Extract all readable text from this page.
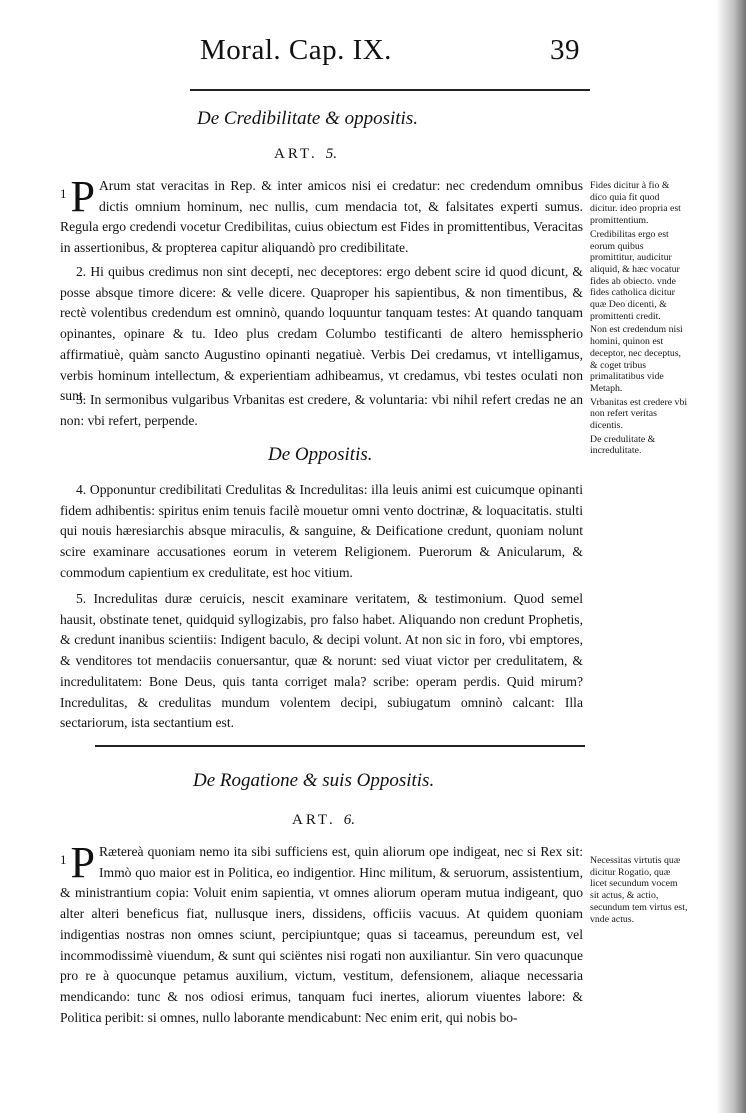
Moral. Cap. IX.	39
De Credibilitate & oppositis.
ART. 5.
1 P Arum stat veracitas in Rep. & inter amicos nisi ei credatur: nec credendum omnibus dictis omnium hominum, nec nullis, cum mendacia tot, & falsitates experti sumus. Regula ergo credendi vocetur Credibilitas, cuius obiectum est Fides in promittentibus, Veracitas in assertionibus, & propterea capitur aliquandò pro credibilitate.
2. Hi quibus credimus non sint decepti, nec deceptores: ergo debent scire id quod dicunt, & posse absque timore dicere: & velle dicere. Quaproper his sapientibus, & non timentibus, & rectè volentibus credendum est omninò, quando loquuntur tanquam testes: At quando tanquam opinantes, opinare & tu. Ideo plus credam Columbo testificanti de altero hemisspherio affirmatiuè, quàm sancto Augustino opinanti negatiuè. Verbis Dei credamus, vt intelligamus, verbis hominum intellectum, & experientiam adhibeamus, vt credamus, vbi testes oculati non sunt.
3. In sermonibus vulgaribus Vrbanitas est credere, & voluntaria: vbi nihil refert credas ne an non: vbi refert, perpende.
De Oppositis.
4. Opponuntur credibilitati Credulitas & Incredulitas: illa leuis animi est cuicumque opinanti fidem adhibentis: spiritus enim tenuis facilè mouetur omni vento doctrinæ, & loquacitatis. stulti qui nouis hæresiarchis absque miraculis, & sanguine, & Deificatione credunt, quoniam nolunt scire examinare accusationes eorum in veterem Religionem. Puerorum & Anicularum, & commodum capientium ex credulitate, est hoc vitium.
5. Incredulitas duræ ceruicis, nescit examinare veritatem, & testimonium. Quod semel hausit, obstinate tenet, quidquid syllogizabis, pro falso habet. Aliquando non credunt Prophetis, & credunt inanibus scientiis: Indigent baculo, & decipi volunt. At non sic in foro, vbi emptores, & venditores tot mendaciis conuersantur, quæ & norunt: sed viuat victor per credulitatem, & incredulitatem: Bone Deus, quis tanta corriget mala? scribe: operam perdis. Quid mirum? Incredulitas, & credulitas mundum volentem decipi, subiugatum omninò calcant: Illa sectariorum, ista sectantium est.
De Rogatione & suis Oppositis.
ART. 6.
1 P Rætereà quoniam nemo ita sibi sufficiens est, quin aliorum ope indigeat, nec si Rex sit: Immò quo maior est in Politica, eo indigentior. Hinc militum, & seruorum, assistentium, & ministrantium copia: Voluit enim sapientia, vt omnes aliorum operam mutua indigeant, quo alter alteri beneficus fiat, nullusque iners, dissidens, officiis vacuus. At quidem quoniam indigentias nostras non omnes sciunt, percipiuntque; quas si taceamus, pereundum est, vel incommodissimè viuendum, & sunt qui sciëntes nisi rogati non auxiliantur. Sin vero quacunque pro re à quocunque petamus auxilium, victum, vestitum, defensionem, aliaque necessaria mendicando: tunc & nos odiosi erimus, tanquam fuci inertes, aliorum viuentes labore: & Politica peribit: si omnes, nullo laborante mendicabunt: Nec enim erit, qui nobis bo-

Fides dicitur à fio & dico quia fit quod dicitur. ideo propria est promittentium.

Credibilitas ergo est eorum quibus promittitur, audicitur aliquid, & hæc vocatur fides ab obiecto. vnde fides catholica dicitur quæ Deo dicenti, & promittenti credit.

Non est credendum nisi homini, quinon est deceptor, nec deceptus, & coget tribus primalitatibus vide Metaph.

Vrbanitas est credere vbi non refert veritas dicentis.

De credulitate & incredulitate.

Necessitas virtutis quæ dicitur Rogatio, quæ licet secundum vocem sit actus, & actio, secundum tem virtus est, vnde actus.
